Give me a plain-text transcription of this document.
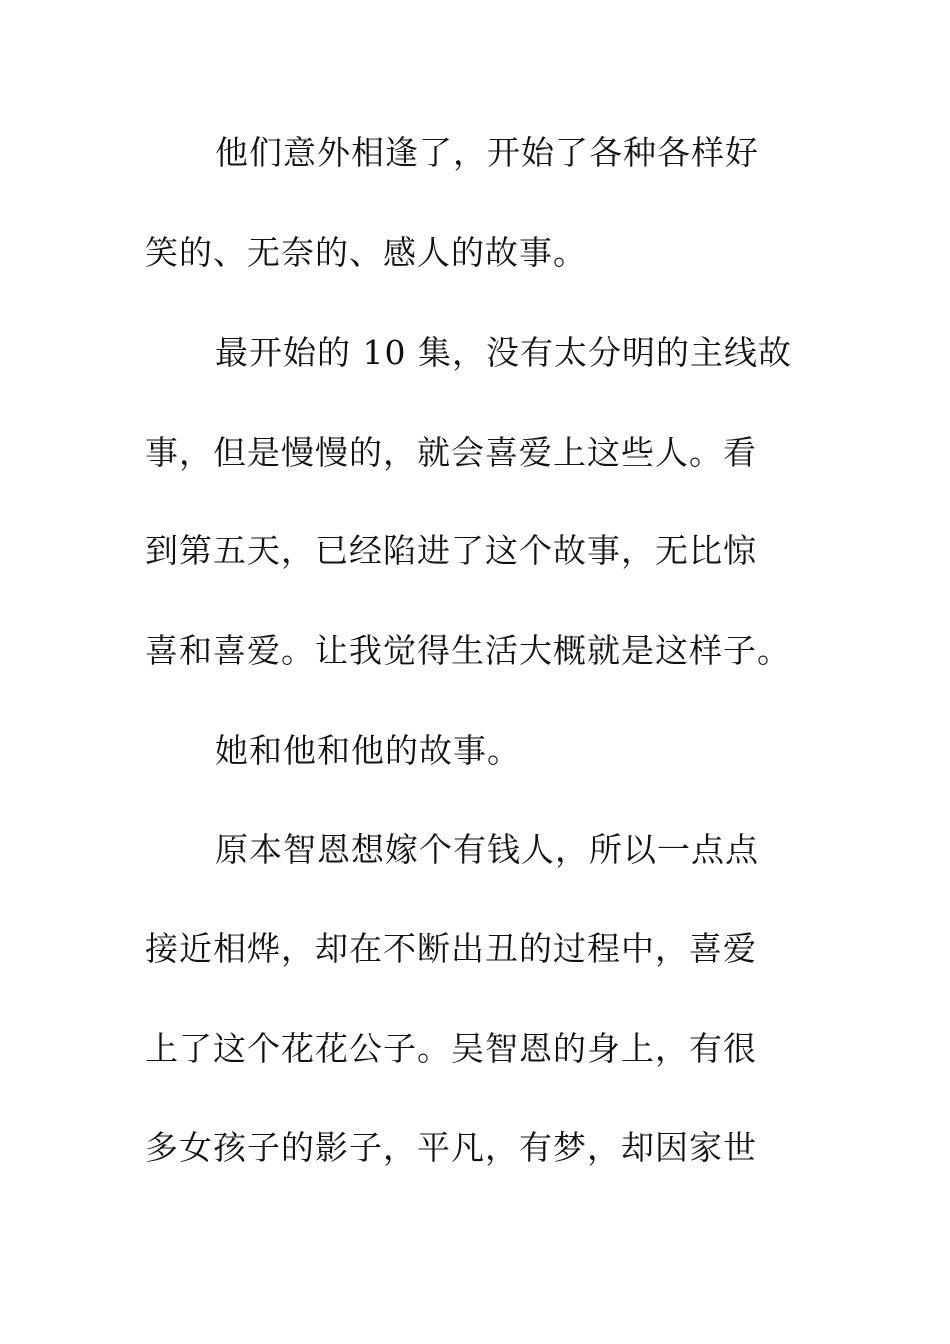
他们意外相逢了，开始了各种各样好
笑的、无奈的、感人的故事。
最开始的 10 集，没有太分明的主线故
事，但是慢慢的，就会喜爱上这些人。看
到第五天，已经陷进了这个故事，无比惊
喜和喜爱。让我觉得生活大概就是这样子。
她和他和他的故事。
原本智恩想嫁个有钱人，所以一点点
接近相烨，却在不断出丑的过程中，喜爱
上了这个花花公子。吴智恩的身上，有很
多女孩子的影子，平凡，有梦，却因家世
